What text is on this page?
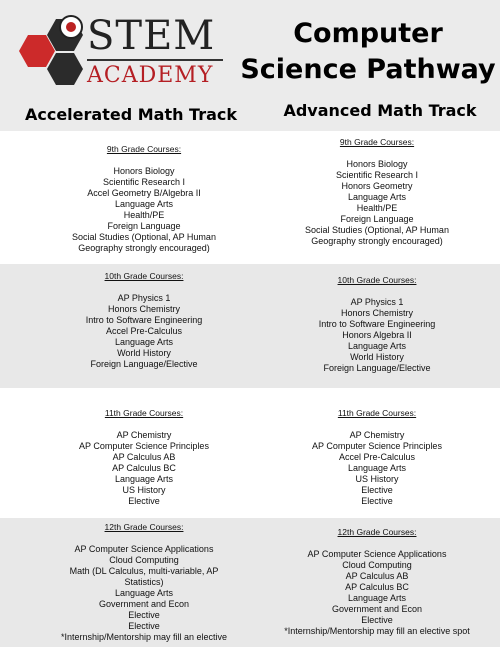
STEM
ACADEMY
Computer Science Pathway
Accelerated Math Track	Advanced Math Track
9th Grade Courses:
Honors Biology
Scientific Research I
Accel Geometry B/Algebra II
Language Arts
Health/PE
Foreign Language
Social Studies (Optional, AP Human
Geography strongly encouraged)
9th Grade Courses:
Honors Biology
Scientific Research I
Honors Geometry
Language Arts
Health/PE
Foreign Language
Social Studies (Optional, AP Human
Geography strongly encouraged)
10th Grade Courses:
AP Physics 1
Honors Chemistry
Intro to Software Engineering
Accel Pre-Calculus
Language Arts
World History
Foreign Language/Elective
10th Grade Courses:
AP Physics 1
Honors Chemistry
Intro to Software Engineering
Honors Algebra II
Language Arts
World History
Foreign Language/Elective
11th Grade Courses:
AP Chemistry
AP Computer Science Principles
AP Calculus AB
AP Calculus BC
Language Arts
US History
Elective
11th Grade Courses:
AP Chemistry
AP Computer Science Principles
Accel Pre-Calculus
Language Arts
US History
Elective
Elective
12th Grade Courses:
AP Computer Science Applications
Cloud Computing
Math (DL Calculus, multi-variable, AP
Statistics)
Language Arts
Government and Econ
Elective
Elective
*Internship/Mentorship may fill an elective
12th Grade Courses:
AP Computer Science Applications
Cloud Computing
AP Calculus AB
AP Calculus BC
Language Arts
Government and Econ
Elective
*Internship/Mentorship may fill an elective spot
